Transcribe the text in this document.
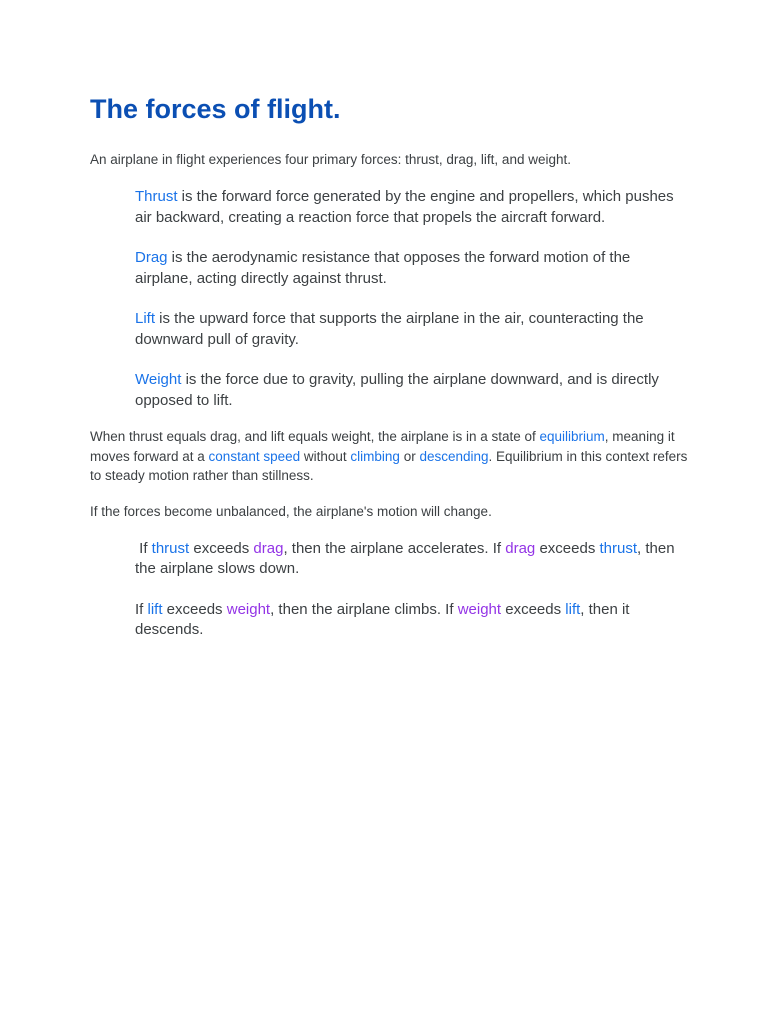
The forces of flight.

An airplane in flight experiences four primary forces: thrust, drag, lift, and weight.

Thrust is the forward force generated by the engine and propellers, which pushes air backward, creating a reaction force that propels the aircraft forward.

Drag is the aerodynamic resistance that opposes the forward motion of the airplane, acting directly against thrust.

Lift is the upward force that supports the airplane in the air, counteracting the downward pull of gravity.

Weight is the force due to gravity, pulling the airplane downward, and is directly opposed to lift.

When thrust equals drag, and lift equals weight, the airplane is in a state of equilibrium, meaning it moves forward at a constant speed without climbing or descending. Equilibrium in this context refers to steady motion rather than stillness.

If the forces become unbalanced, the airplane's motion will change.

If thrust exceeds drag, then the airplane accelerates. If drag exceeds thrust, then the airplane slows down.

If lift exceeds weight, then the airplane climbs. If weight exceeds lift, then it descends.
